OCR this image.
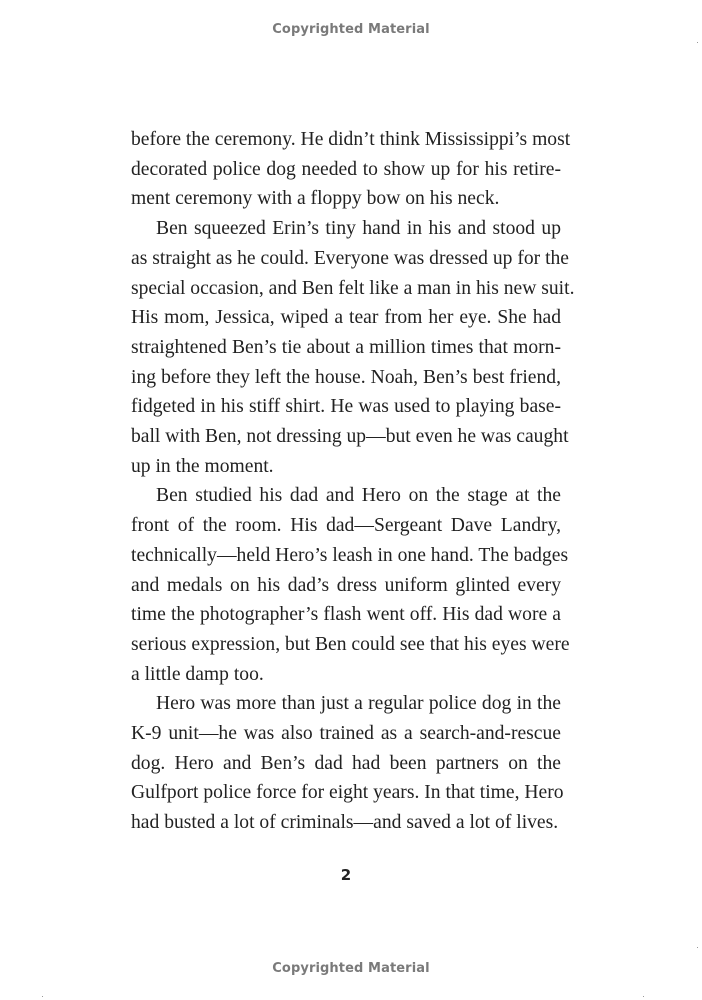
Copyrighted Material
before the ceremony. He didn’t think Mississippi’s most
decorated police dog needed to show up for his retire-
ment ceremony with a floppy bow on his neck.
Ben squeezed Erin’s tiny hand in his and stood up
as straight as he could. Everyone was dressed up for the
special occasion, and Ben felt like a man in his new suit.
His mom, Jessica, wiped a tear from her eye. She had
straightened Ben’s tie about a million times that morn-
ing before they left the house. Noah, Ben’s best friend,
fidgeted in his stiff shirt. He was used to playing base-
ball with Ben, not dressing up—but even he was caught
up in the moment.
Ben studied his dad and Hero on the stage at the
front of the room. His dad—Sergeant Dave Landry,
technically—held Hero’s leash in one hand. The badges
and medals on his dad’s dress uniform glinted every
time the photographer’s flash went off. His dad wore a
serious expression, but Ben could see that his eyes were
a little damp too.
Hero was more than just a regular police dog in the
K-9 unit—he was also trained as a search-and-rescue
dog. Hero and Ben’s dad had been partners on the
Gulfport police force for eight years. In that time, Hero
had busted a lot of criminals—and saved a lot of lives.
2
Copyrighted Material
